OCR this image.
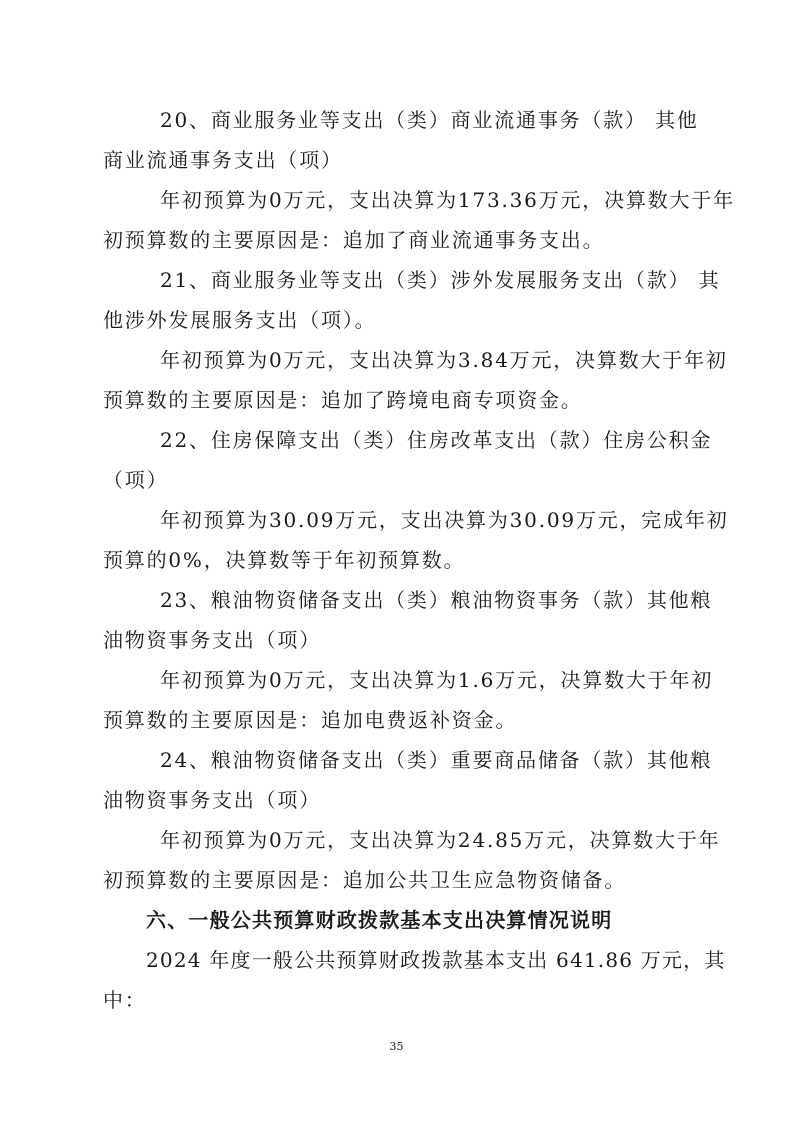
20、商业服务业等支出（类）商业流通事务（款） 其他
商业流通事务支出（项）
年初预算为0万元，支出决算为173.36万元，决算数大于年
初预算数的主要原因是：追加了商业流通事务支出。
21、商业服务业等支出（类）涉外发展服务支出（款） 其
他涉外发展服务支出（项）。
年初预算为0万元，支出决算为3.84万元，决算数大于年初
预算数的主要原因是：追加了跨境电商专项资金。
22、住房保障支出（类）住房改革支出（款）住房公积金
（项）
年初预算为30.09万元，支出决算为30.09万元，完成年初
预算的0%，决算数等于年初预算数。
23、粮油物资储备支出（类）粮油物资事务（款）其他粮
油物资事务支出（项）
年初预算为0万元，支出决算为1.6万元，决算数大于年初
预算数的主要原因是：追加电费返补资金。
24、粮油物资储备支出（类）重要商品储备（款）其他粮
油物资事务支出（项）
年初预算为0万元，支出决算为24.85万元，决算数大于年
初预算数的主要原因是：追加公共卫生应急物资储备。
六、一般公共预算财政拨款基本支出决算情况说明
2024 年度一般公共预算财政拨款基本支出 641.86 万元，其
中：
35
